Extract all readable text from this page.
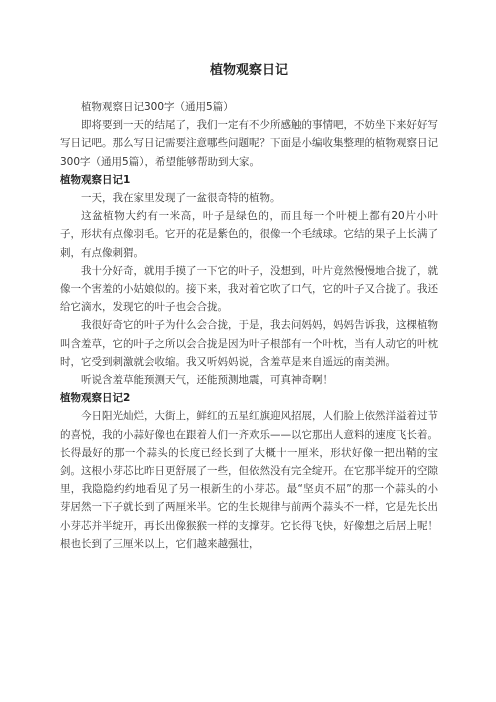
植物观察日记

植物观察日记300字（通用5篇）

即将要到一天的结尾了，我们一定有不少所感触的事情吧，不妨坐下来好好写写日记吧。那么写日记需要注意哪些问题呢？下面是小编收集整理的植物观察日记300字（通用5篇），希望能够帮助到大家。

植物观察日记1

一天，我在家里发现了一盆很奇特的植物。

这盆植物大约有一米高，叶子是绿色的，而且每一个叶梗上都有20片小叶子，形状有点像羽毛。它开的花是紫色的，很像一个毛绒球。它结的果子上长满了刺，有点像刺猬。

我十分好奇，就用手摸了一下它的叶子，没想到，叶片竟然慢慢地合拢了，就像一个害羞的小姑娘似的。接下来，我对着它吹了口气，它的叶子又合拢了。我还给它滴水，发现它的叶子也会合拢。

我很好奇它的叶子为什么会合拢，于是，我去问妈妈，妈妈告诉我，这棵植物叫含羞草，它的叶子之所以会合拢是因为叶子根部有一个叶枕，当有人动它的叶枕时，它受到刺激就会收缩。我又听妈妈说，含羞草是来自遥远的南美洲。

听说含羞草能预测天气，还能预测地震，可真神奇啊！

植物观察日记2

今日阳光灿烂，大街上，鲜红的五星红旗迎风招展，人们脸上依然洋溢着过节的喜悦，我的小蒜好像也在跟着人们一齐欢乐——以它那出人意料的速度飞长着。长得最好的那一个蒜头的长度已经长到了大概十一厘米，形状好像一把出鞘的宝剑。这根小芽芯比昨日更舒展了一些，但依然没有完全绽开。在它那半绽开的空隙里，我隐隐约约地看见了另一根新生的小芽芯。最“坚贞不屈”的那一个蒜头的小芽居然一下子就长到了两厘米半。它的生长规律与前两个蒜头不一样，它是先长出小芽芯并半绽开，再长出像猴猴一样的支撑芽。它长得飞快，好像想之后居上呢！根也长到了三厘米以上，它们越来越强壮，
